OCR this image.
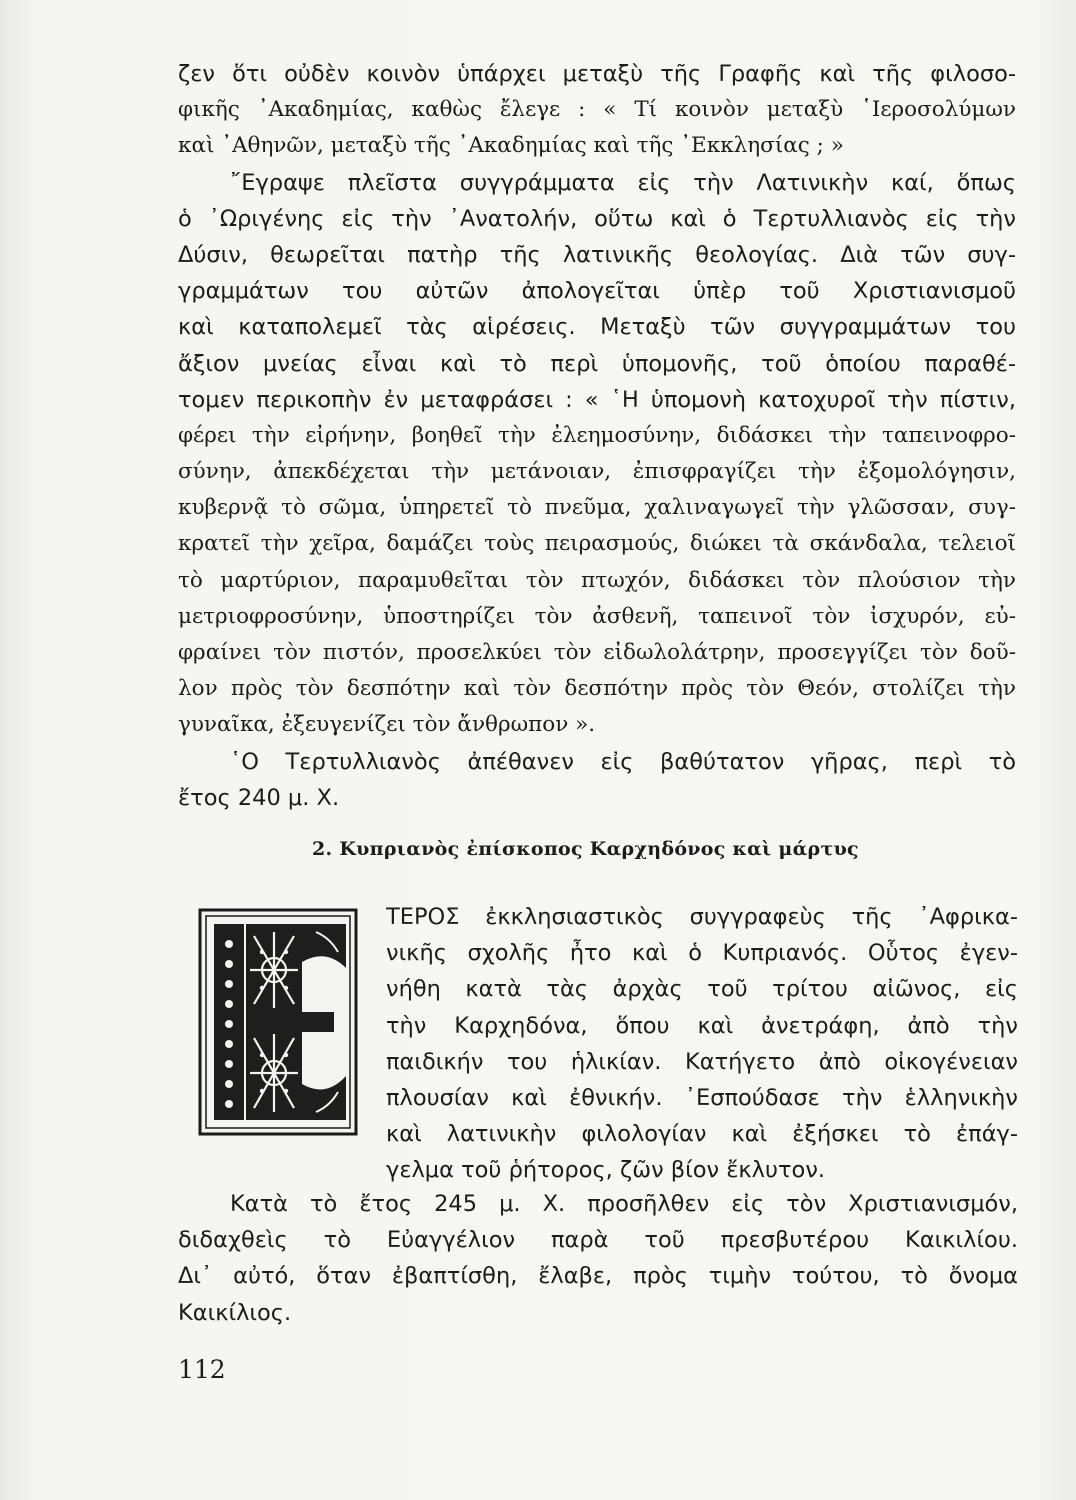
ζεν ὅτι οὐδὲν κοινὸν ὑπάρχει μεταξὺ τῆς Γραφῆς καὶ τῆς φιλοσο-
φικῆς ᾿Ακαδημίας, καθὼς ἔλεγε : « Τί κοινὸν μεταξὺ ῾Ιεροσολύμων
καὶ ᾿Αθηνῶν, μεταξὺ τῆς ᾿Ακαδημίας καὶ τῆς ᾿Εκκλησίας ; »
῎Εγραψε πλεῖστα συγγράμματα εἰς τὴν Λατινικὴν καί, ὅπως
ὁ ᾿Ωριγένης εἰς τὴν ᾿Ανατολήν, οὕτω καὶ ὁ Τερτυλλιανὸς εἰς τὴν
Δύσιν, θεωρεῖται πατὴρ τῆς λατινικῆς θεολογίας. Διὰ τῶν συγ-
γραμμάτων του αὐτῶν ἀπολογεῖται ὑπὲρ τοῦ Χριστιανισμοῦ
καὶ καταπολεμεῖ τὰς αἱρέσεις. Μεταξὺ τῶν συγγραμμάτων του
ἄξιον μνείας εἶναι καὶ τὸ περὶ ὑπομονῆς, τοῦ ὁποίου παραθέ-
τομεν περικοπὴν ἐν μεταφράσει : « ῾Η ὑπομονὴ κατοχυροῖ τὴν πίστιν,
φέρει τὴν εἰρήνην, βοηθεῖ τὴν ἐλεημοσύνην, διδάσκει τὴν ταπεινοφρο-
σύνην, ἀπεκδέχεται τὴν μετάνοιαν, ἐπισφραγίζει τὴν ἐξομολόγησιν,
κυβερνᾷ τὸ σῶμα, ὑπηρετεῖ τὸ πνεῦμα, χαλιναγωγεῖ τὴν γλῶσσαν, συγ-
κρατεῖ τὴν χεῖρα, δαμάζει τοὺς πειρασμούς, διώκει τὰ σκάνδαλα, τελειοῖ
τὸ μαρτύριον, παραμυθεῖται τὸν πτωχόν, διδάσκει τὸν πλούσιον τὴν
μετριοφροσύνην, ὑποστηρίζει τὸν ἀσθενῆ, ταπεινοῖ τὸν ἰσχυρόν, εὐ-
φραίνει τὸν πιστόν, προσελκύει τὸν εἰδωλολάτρην, προσεγγίζει τὸν δοῦ-
λον πρὸς τὸν δεσπότην καὶ τὸν δεσπότην πρὸς τὸν Θεόν, στολίζει τὴν
γυναῖκα, ἐξευγενίζει τὸν ἄνθρωπον ».
῾Ο Τερτυλλιανὸς ἀπέθανεν εἰς βαθύτατον γῆρας, περὶ τὸ
ἔτος 240 μ. Χ.
2. Κυπριανὸς ἐπίσκοπος Καρχηδόνος καὶ μάρτυς
ΤΕΡΟΣ ἐκκλησιαστικὸς συγγραφεὺς τῆς ᾿Αφρικα-
νικῆς σχολῆς ἦτο καὶ ὁ Κυπριανός. Οὗτος ἐγεν-
νήθη κατὰ τὰς ἀρχὰς τοῦ τρίτου αἰῶνος, εἰς
τὴν Καρχηδόνα, ὅπου καὶ ἀνετράφη, ἀπὸ τὴν
παιδικήν του ἡλικίαν. Κατήγετο ἀπὸ οἰκογένειαν
πλουσίαν καὶ ἐθνικήν. ᾿Εσπούδασε τὴν ἑλληνικὴν
καὶ λατινικὴν φιλολογίαν καὶ ἐξήσκει τὸ ἐπάγ-
γελμα τοῦ ῥήτορος, ζῶν βίον ἔκλυτον.
Κατὰ τὸ ἔτος 245 μ. Χ. προσῆλθεν εἰς τὸν Χριστιανισμόν,
διδαχθεὶς τὸ Εὐαγγέλιον παρὰ τοῦ πρεσβυτέρου Καικιλίου.
Δι᾿ αὐτό, ὅταν ἐβαπτίσθη, ἔλαβε, πρὸς τιμὴν τούτου, τὸ ὄνομα
Καικίλιος.
112
